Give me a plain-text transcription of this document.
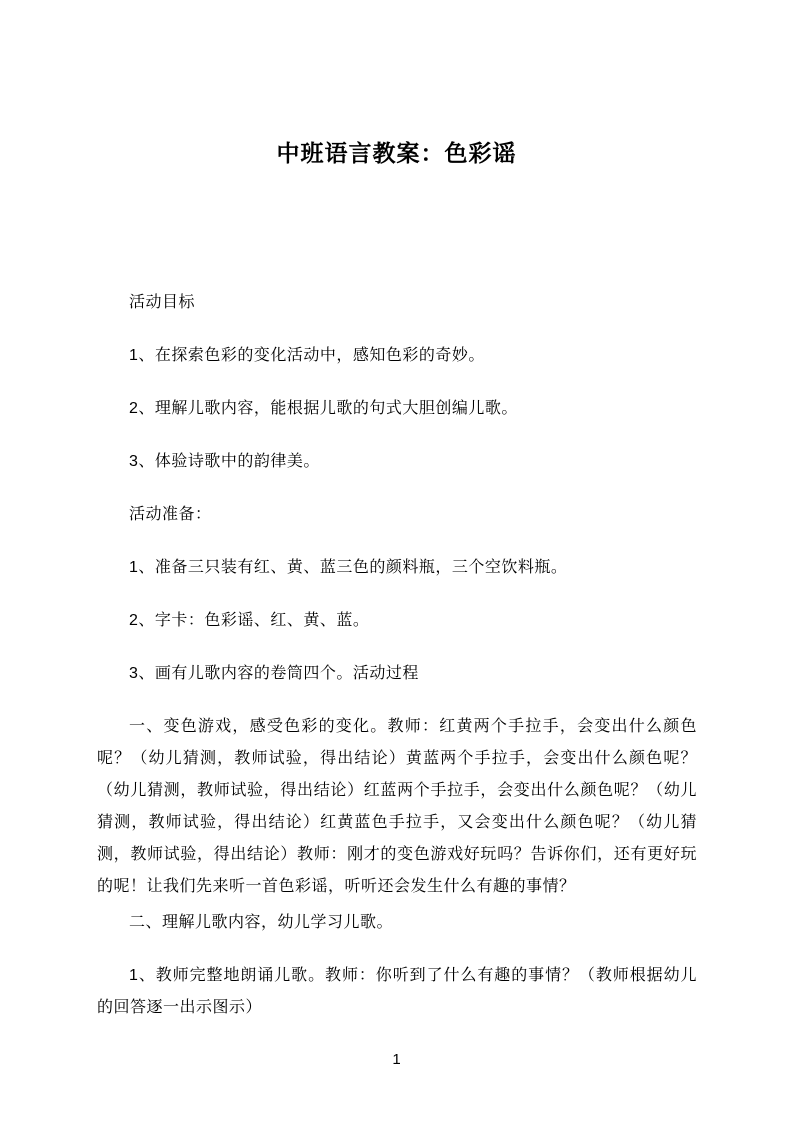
中班语言教案：色彩谣

活动目标

1、在探索色彩的变化活动中，感知色彩的奇妙。

2、理解儿歌内容，能根据儿歌的句式大胆创编儿歌。

3、体验诗歌中的韵律美。

活动准备：

1、准备三只装有红、黄、蓝三色的颜料瓶，三个空饮料瓶。

2、字卡：色彩谣、红、黄、蓝。

3、画有儿歌内容的卷筒四个。活动过程

一、变色游戏，感受色彩的变化。教师：红黄两个手拉手，会变出什么颜色呢？（幼儿猜测，教师试验，得出结论）黄蓝两个手拉手，会变出什么颜色呢？（幼儿猜测，教师试验，得出结论）红蓝两个手拉手，会变出什么颜色呢？（幼儿猜测，教师试验，得出结论）红黄蓝色手拉手，又会变出什么颜色呢？（幼儿猜测，教师试验，得出结论）教师：刚才的变色游戏好玩吗？告诉你们，还有更好玩的呢！让我们先来听一首色彩谣，听听还会发生什么有趣的事情？

二、理解儿歌内容，幼儿学习儿歌。

1、教师完整地朗诵儿歌。教师：你听到了什么有趣的事情？（教师根据幼儿的回答逐一出示图示）

1
